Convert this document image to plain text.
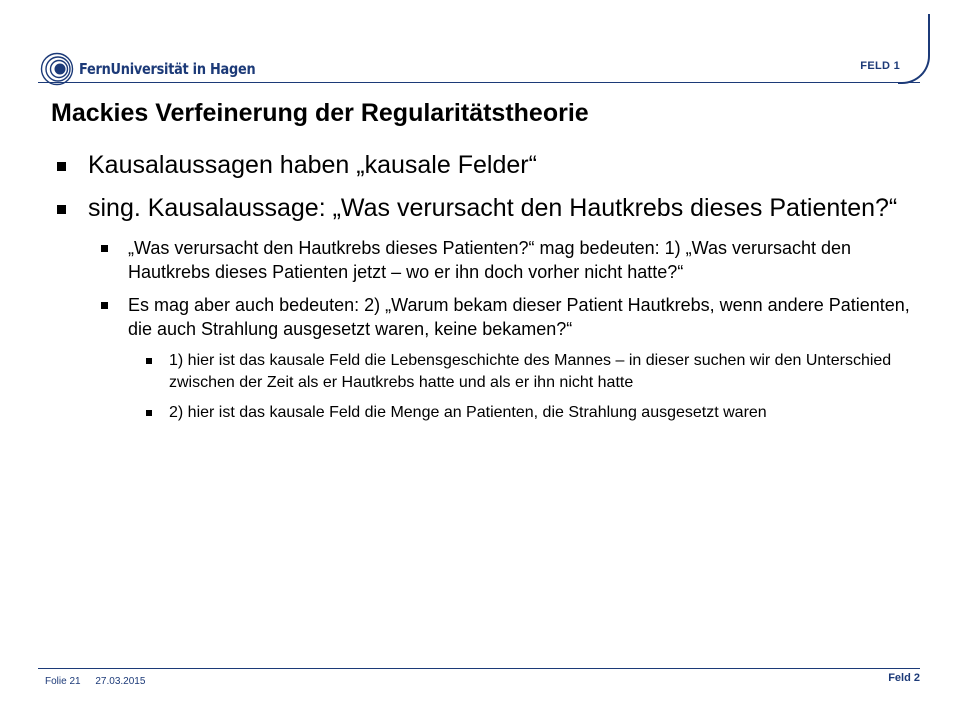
FernUniversität in Hagen	FELD 1
Mackies Verfeinerung der Regularitätstheorie
Kausalaussagen haben „kausale Felder“
sing. Kausalaussage: „Was verursacht den Hautkrebs dieses Patienten?“
„Was verursacht den Hautkrebs dieses Patienten?“ mag bedeuten: 1) „Was verursacht den Hautkrebs dieses Patienten jetzt – wo er ihn doch vorher nicht hatte?“
Es mag aber auch bedeuten: 2) „Warum bekam dieser Patient Hautkrebs, wenn andere Patienten, die auch Strahlung ausgesetzt waren, keine bekamen?“
1) hier ist das kausale Feld die Lebensgeschichte des Mannes – in dieser suchen wir den Unterschied zwischen der Zeit als er Hautkrebs hatte und als er ihn nicht hatte
2) hier ist das kausale Feld die Menge an Patienten, die Strahlung ausgesetzt waren
Folie 21 27.03.2015	Feld 2
